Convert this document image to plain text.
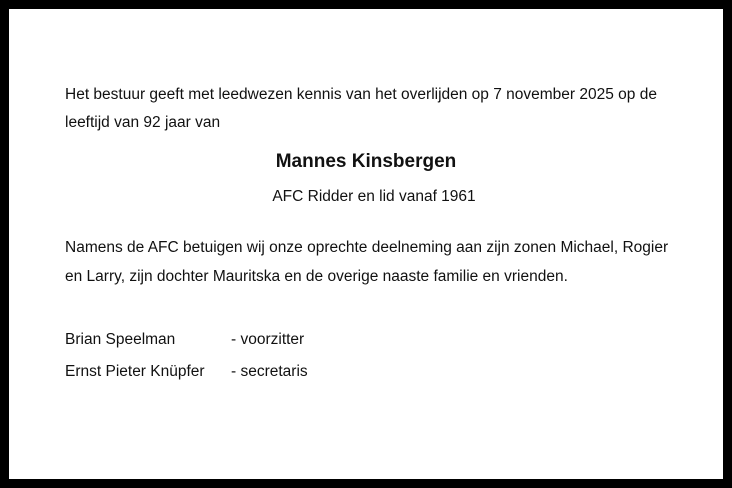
Het bestuur geeft met leedwezen kennis van het overlijden op 7 november 2025 op de leeftijd van 92 jaar van

Mannes Kinsbergen

AFC Ridder en lid vanaf 1961

Namens de AFC betuigen wij onze oprechte deelneming aan zijn zonen Michael, Rogier en Larry, zijn dochter Mauritska en de overige naaste familie en vrienden.

Brian Speelman	- voorzitter
Ernst Pieter Knüpfer - secretaris
